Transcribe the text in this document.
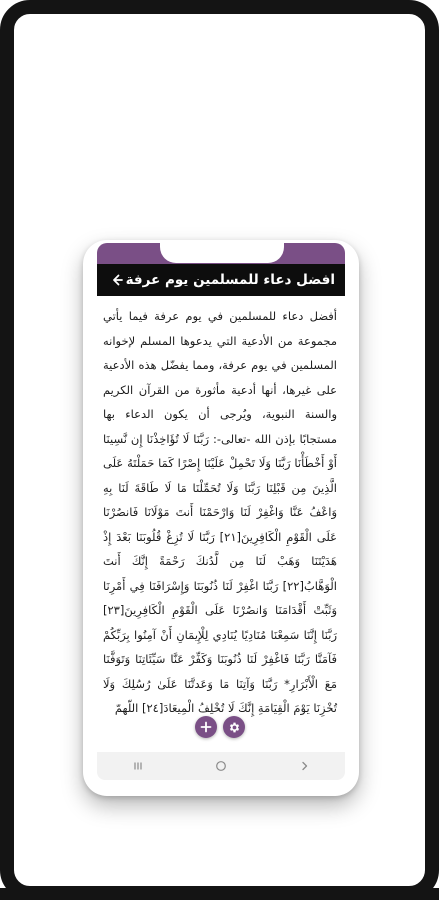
افضل دعاء للمسلمين يوم عرفة

أفضل دعاء للمسلمين في يوم عرفة فيما يأتي مجموعة من الأدعية التي يدعوها المسلم لإخوانه المسلمين في يوم عرفة، ومما يفضّل هذه الأدعية على غيرها، أنها أدعية مأثورة من القرآن الكريم والسنة النبوية، ويُرجى أن يكون الدعاء بها مستجابًا بإذن الله -تعالى-: رَبَّنَا لَا تُؤَاخِذْنَا إِن نَّسِينَا أَوْ أَخْطَأْنَا رَبَّنَا وَلَا تَحْمِلْ عَلَيْنَا إِصْرًا كَمَا حَمَلْتَهُ عَلَى الَّذِينَ مِن قَبْلِنَا رَبَّنَا وَلَا تُحَمِّلْنَا مَا لَا طَاقَةَ لَنَا بِهِ وَاعْفُ عَنَّا وَاغْفِرْ لَنَا وَارْحَمْنَا أَنتَ مَوْلَانَا فَانصُرْنَا عَلَى الْقَوْمِ الْكَافِرِينَ[٢١] رَبَّنَا لَا تُزِغْ قُلُوبَنَا بَعْدَ إِذْ هَدَيْتَنَا وَهَبْ لَنَا مِن لَّدُنكَ رَحْمَةً إِنَّكَ أَنتَ الْوَهَّابُ[٢٢] رَبَّنَا اغْفِرْ لَنَا ذُنُوبَنَا وَإِسْرَافَنَا فِي أَمْرِنَا وَثَبِّتْ أَقْدَامَنَا وَانصُرْنَا عَلَى الْقَوْمِ الْكَافِرِينَ[٢٣] رَبَّنَا إِنَّنَا سَمِعْنَا مُنَادِيًا يُنَادِي لِلْإِيمَانِ أَنْ آمِنُوا بِرَبِّكُمْ فَآمَنَّا رَبَّنَا فَاغْفِرْ لَنَا ذُنُوبَنَا وَكَفِّرْ عَنَّا سَيِّئَاتِنَا وَتَوَفَّنَا مَعَ الْأَبْرَارِ* رَبَّنَا وَآتِنَا مَا وَعَدتَّنَا عَلَىٰ رُسُلِكَ وَلَا تُخْزِنَا يَوْمَ الْقِيَامَةِ إِنَّكَ لَا تُخْلِفُ الْمِيعَادَ[٢٤] اللّهمّ
